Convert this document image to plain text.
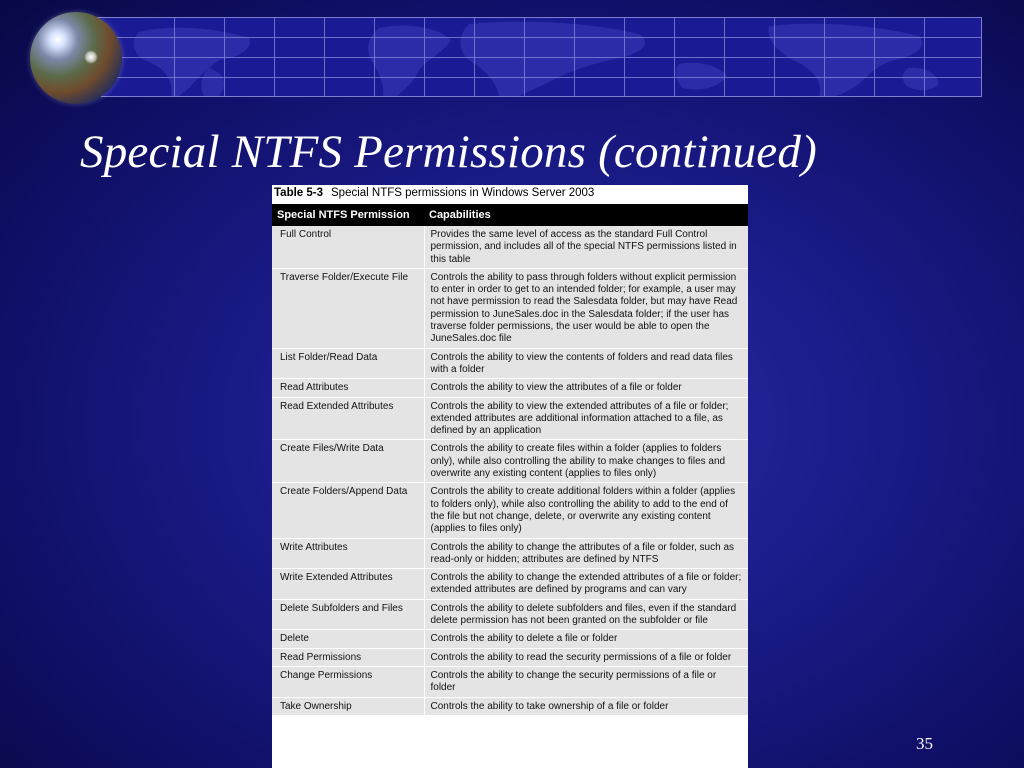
Special NTFS Permissions (continued)
Table 5-3 Special NTFS permissions in Windows Server 2003
Special NTFS Permission	Capabilities
Full Control	Provides the same level of access as the standard Full Control permission, and includes all of the special NTFS permissions listed in this table
Traverse Folder/Execute File	Controls the ability to pass through folders without explicit permission to enter in order to get to an intended folder; for example, a user may not have permission to read the Salesdata folder, but may have Read permission to JuneSales.doc in the Salesdata folder; if the user has traverse folder permissions, the user would be able to open the JuneSales.doc file
List Folder/Read Data	Controls the ability to view the contents of folders and read data files with a folder
Read Attributes	Controls the ability to view the attributes of a file or folder
Read Extended Attributes	Controls the ability to view the extended attributes of a file or folder; extended attributes are additional information attached to a file, as defined by an application
Create Files/Write Data	Controls the ability to create files within a folder (applies to folders only), while also controlling the ability to make changes to files and overwrite any existing content (applies to files only)
Create Folders/Append Data	Controls the ability to create additional folders within a folder (applies to folders only), while also controlling the ability to add to the end of the file but not change, delete, or overwrite any existing content (applies to files only)
Write Attributes	Controls the ability to change the attributes of a file or folder, such as read-only or hidden; attributes are defined by NTFS
Write Extended Attributes	Controls the ability to change the extended attributes of a file or folder; extended attributes are defined by programs and can vary
Delete Subfolders and Files	Controls the ability to delete subfolders and files, even if the standard delete permission has not been granted on the subfolder or file
Delete	Controls the ability to delete a file or folder
Read Permissions	Controls the ability to read the security permissions of a file or folder
Change Permissions	Controls the ability to change the security permissions of a file or folder
Take Ownership	Controls the ability to take ownership of a file or folder
35
